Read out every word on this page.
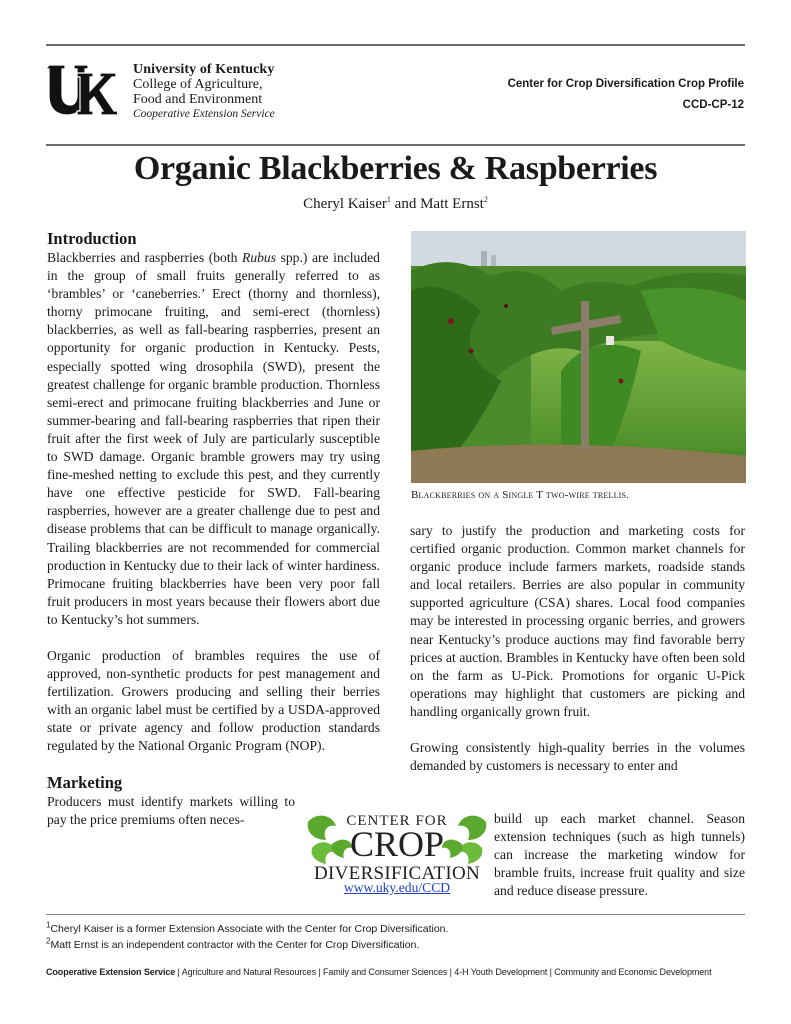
University of Kentucky
College of Agriculture,
Food and Environment
Cooperative Extension Service
Center for Crop Diversification Crop Profile
CCD-CP-12
Organic Blackberries & Raspberries
Cheryl Kaiser$^1$ and Matt Ernst$^2$
Introduction

Blackberries and raspberries (both Rubus spp.) are included in the group of small fruits generally referred to as ‘brambles’ or ‘caneberries.’ Erect (thorny and thornless), thorny primocane fruiting, and semi-erect (thornless) blackberries, as well as fall-bearing raspberries, present an opportunity for organic production in Kentucky. Pests, especially spotted wing drosophila (SWD), present the greatest challenge for organic bramble production. Thornless semi-erect and primocane fruiting blackberries and June or summer-bearing and fall-bearing raspberries that ripen their fruit after the first week of July are particularly susceptible to SWD damage. Organic bramble growers may try using fine-meshed netting to exclude this pest, and they currently have one effective pesticide for SWD. Fall-bearing raspberries, however are a greater challenge due to pest and disease problems that can be difficult to manage organically. Trailing blackberries are not recommended for commercial production in Kentucky due to their lack of winter hardiness. Primocane fruiting blackberries have been very poor fall fruit producers in most years because their flowers abort due to Kentucky’s hot summers.

Organic production of brambles requires the use of approved, non-synthetic products for pest management and fertilization. Growers producing and selling their berries with an organic label must be certified by a USDA-approved state or private agency and follow production standards regulated by the National Organic Program (NOP).

Marketing

Producers must identify markets willing to pay the price premiums often neces-

Blackberries on a Single T two-wire trellis.

sary to justify the production and marketing costs for certified organic production. Common market channels for organic produce include farmers markets, roadside stands and local retailers. Berries are also popular in community supported agriculture (CSA) shares. Local food companies may be interested in processing organic berries, and growers near Kentucky’s produce auctions may find favorable berry prices at auction. Brambles in Kentucky have often been sold on the farm as U-Pick. Promotions for organic U-Pick operations may highlight that customers are picking and handling organically grown fruit.

Growing consistently high-quality berries in the volumes demanded by customers is necessary to enter and

CENTER FOR
CROP
DIVERSIFICATION
www.uky.edu/CCD
build up each market channel. Season extension techniques (such as high tunnels) can increase the marketing window for bramble fruits, increase fruit quality and size and reduce disease pressure.
$^1$Cheryl Kaiser is a former Extension Associate with the Center for Crop Diversification.
$^2$Matt Ernst is an independent contractor with the Center for Crop Diversification.
Cooperative Extension Service | Agriculture and Natural Resources | Family and Consumer Sciences | 4-H Youth Development | Community and Economic Development
